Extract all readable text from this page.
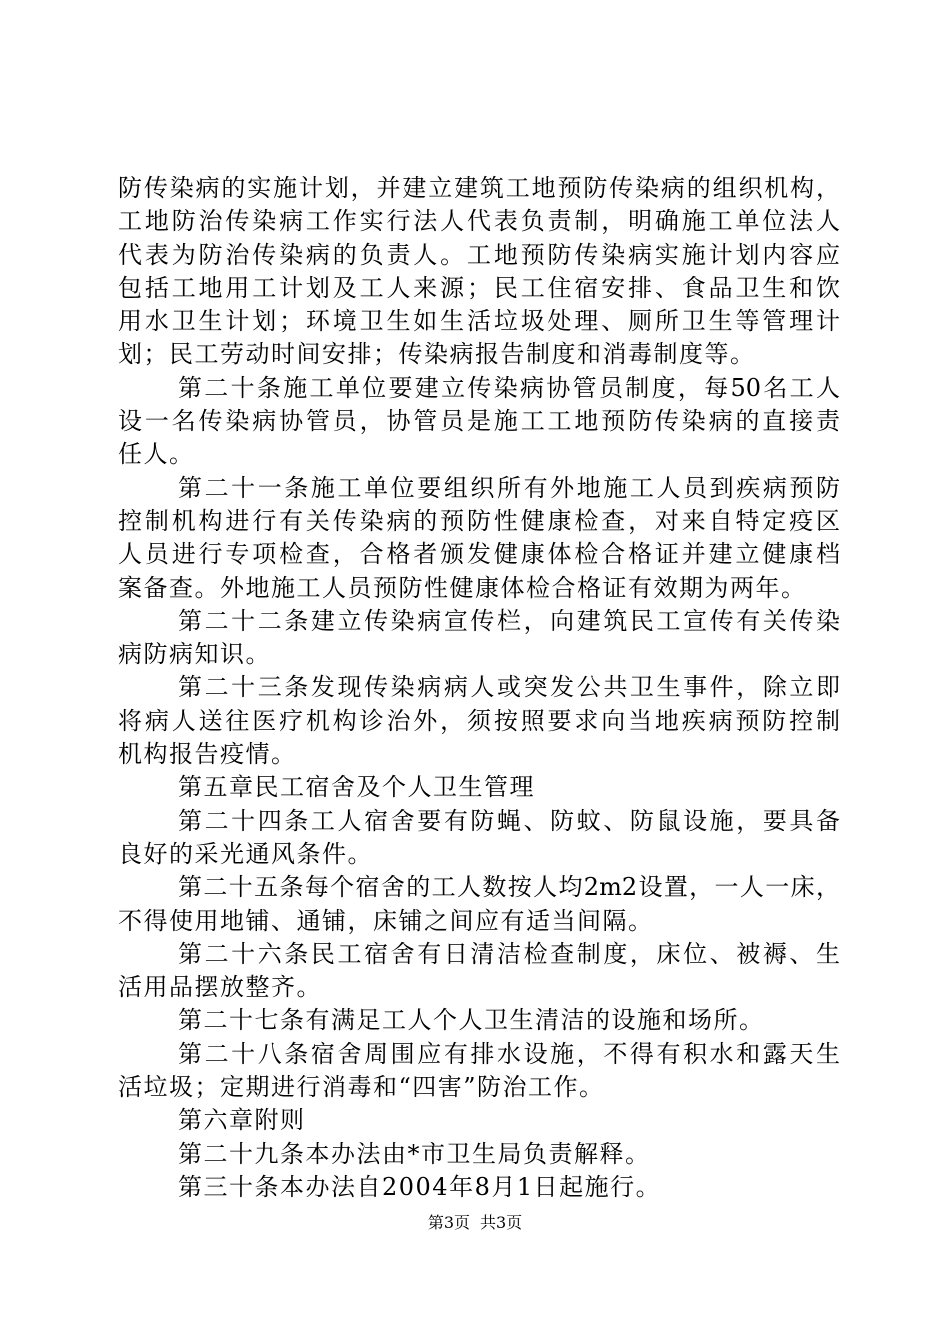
防传染病的实施计划，并建立建筑工地预防传染病的组织机构，
工地防治传染病工作实行法人代表负责制，明确施工单位法人
代表为防治传染病的负责人。工地预防传染病实施计划内容应
包括工地用工计划及工人来源；民工住宿安排、食品卫生和饮
用水卫生计划；环境卫生如生活垃圾处理、厕所卫生等管理计
划；民工劳动时间安排；传染病报告制度和消毒制度等。
第二十条施工单位要建立传染病协管员制度，每50名工人
设一名传染病协管员，协管员是施工工地预防传染病的直接责
任人。
第二十一条施工单位要组织所有外地施工人员到疾病预防
控制机构进行有关传染病的预防性健康检查，对来自特定疫区
人员进行专项检查，合格者颁发健康体检合格证并建立健康档
案备查。外地施工人员预防性健康体检合格证有效期为两年。
第二十二条建立传染病宣传栏，向建筑民工宣传有关传染
病防病知识。
第二十三条发现传染病病人或突发公共卫生事件，除立即
将病人送往医疗机构诊治外，须按照要求向当地疾病预防控制
机构报告疫情。
第五章民工宿舍及个人卫生管理
第二十四条工人宿舍要有防蝇、防蚊、防鼠设施，要具备
良好的采光通风条件。
第二十五条每个宿舍的工人数按人均2m2设置，一人一床，
不得使用地铺、通铺，床铺之间应有适当间隔。
第二十六条民工宿舍有日清洁检查制度，床位、被褥、生
活用品摆放整齐。
第二十七条有满足工人个人卫生清洁的设施和场所。
第二十八条宿舍周围应有排水设施，不得有积水和露天生
活垃圾；定期进行消毒和“四害”防治工作。
第六章附则
第二十九条本办法由*市卫生局负责解释。
第三十条本办法自2004年8月1日起施行。
第3页 共3页
